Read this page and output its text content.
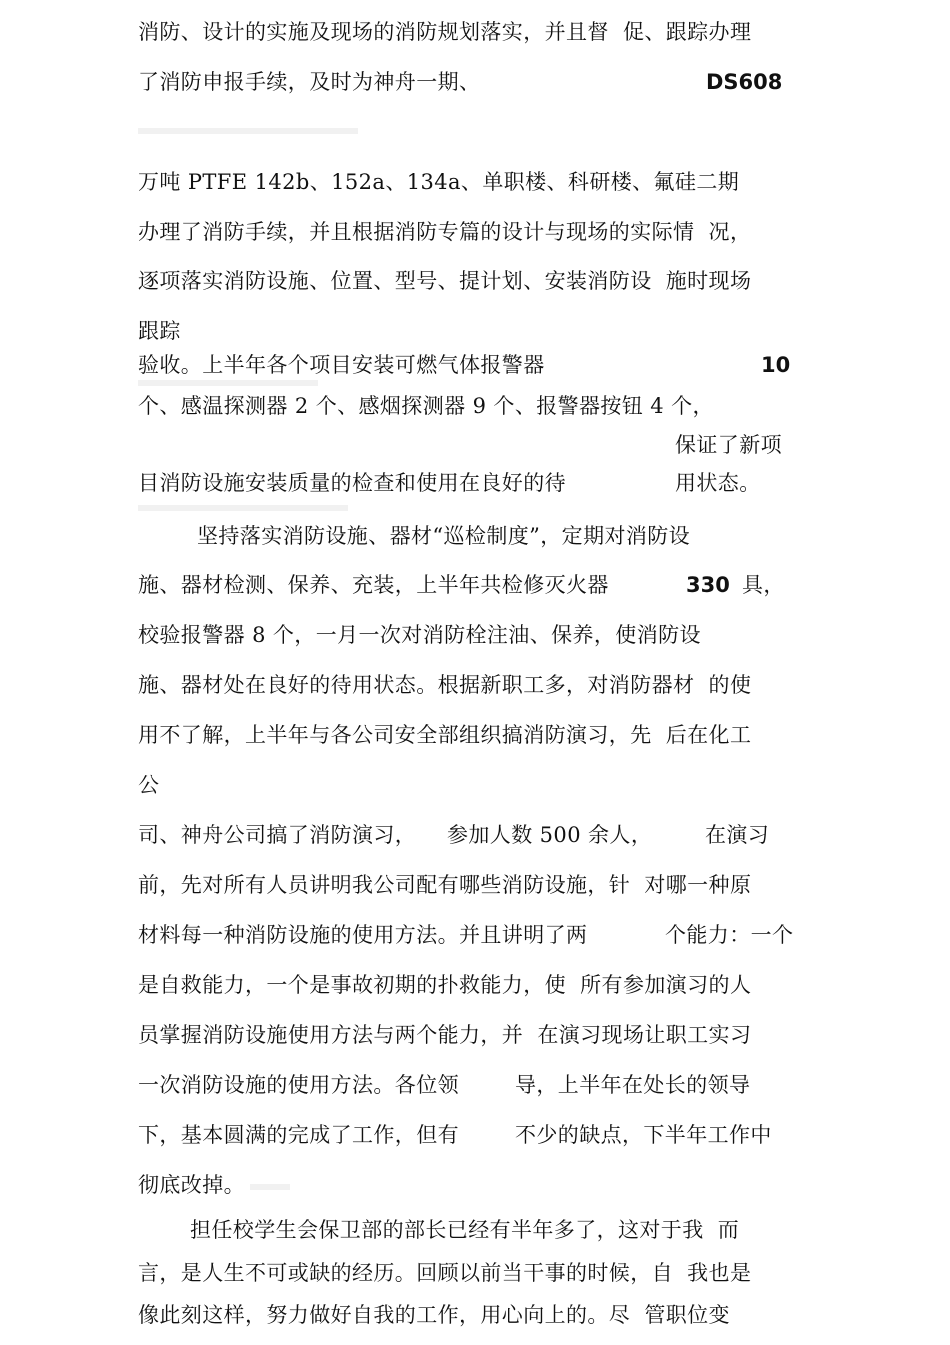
消防、设计的实施及现场的消防规划落实，并且督  促、跟踪办理
了消防申报手续，及时为神舟一期、	DS608
万吨 PTFE 142b、152a、134a、单职楼、科研楼、氟硅二期
办理了消防手续，并且根据消防专篇的设计与现场的实际情  况，
逐项落实消防设施、位置、型号、提计划、安装消防设  施时现场
跟踪
验收。上半年各个项目安装可燃气体报警器	10
个、感温探测器 2 个、感烟探测器 9 个、报警器按钮 4 个，
保证了新项
目消防设施安装质量的检查和使用在良好的待	用状态。
坚持落实消防设施、器材“巡检制度”，定期对消防设
施、器材检测、保养、充装，上半年共检修灭火器	330 具，
校验报警器 8 个，一月一次对消防栓注油、保养，使消防设
施、器材处在良好的待用状态。根据新职工多，对消防器材  的使
用不了解，上半年与各公司安全部组织搞消防演习，先  后在化工
公
司、神舟公司搞了消防演习， 参加人数 500 余人，	在演习
前，先对所有人员讲明我公司配有哪些消防设施，针  对哪一种原
材料每一种消防设施的使用方法。并且讲明了两	个能力：一个
是自救能力，一个是事故初期的扑救能力，使  所有参加演习的人
员掌握消防设施使用方法与两个能力，并  在演习现场让职工实习
一次消防设施的使用方法。各位领	导，上半年在处长的领导
下，基本圆满的完成了工作，但有	不少的缺点，下半年工作中
彻底改掉。
担任校学生会保卫部的部长已经有半年多了，这对于我  而
言，是人生不可或缺的经历。回顾以前当干事的时候，自  我也是
像此刻这样，努力做好自我的工作，用心向上的。尽  管职位变
